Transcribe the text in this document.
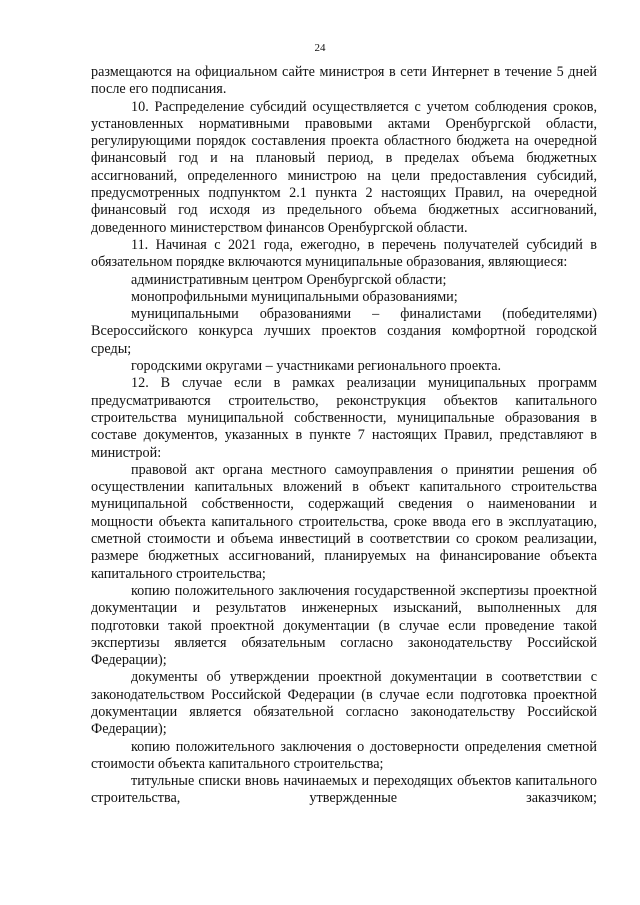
24

размещаются на официальном сайте министроя в сети Интернет в течение 5 дней после его подписания.

10. Распределение субсидий осуществляется с учетом соблюдения сроков, установленных нормативными правовыми актами Оренбургской области, регулирующими порядок составления проекта областного бюджета на очередной финансовый год и на плановый период, в пределах объема бюджетных ассигнований, определенного министрою на цели предоставления субсидий, предусмотренных подпунктом 2.1 пункта 2 настоящих Правил, на очередной финансовый год исходя из предельного объема бюджетных ассигнований, доведенного министерством финансов Оренбургской области.

11. Начиная с 2021 года, ежегодно, в перечень получателей субсидий в обязательном порядке включаются муниципальные образования, являющиеся:

административным центром Оренбургской области;

монопрофильными муниципальными образованиями;

муниципальными образованиями – финалистами (победителями) Всероссийского конкурса лучших проектов создания комфортной городской среды;

городскими округами – участниками регионального проекта.

12. В случае если в рамках реализации муниципальных программ предусматриваются строительство, реконструкция объектов капитального строительства муниципальной собственности, муниципальные образования в составе документов, указанных в пункте 7 настоящих Правил, представляют в министрой:

правовой акт органа местного самоуправления о принятии решения об осуществлении капитальных вложений в объект капитального строительства муниципальной собственности, содержащий сведения о наименовании и мощности объекта капитального строительства, сроке ввода его в эксплуатацию, сметной стоимости и объема инвестиций в соответствии со сроком реализации, размере бюджетных ассигнований, планируемых на финансирование объекта капитального строительства;

копию положительного заключения государственной экспертизы проектной документации и результатов инженерных изысканий, выполненных для подготовки такой проектной документации (в случае если проведение такой экспертизы является обязательным согласно законодательству Российской Федерации);

документы об утверждении проектной документации в соответствии с законодательством Российской Федерации (в случае если подготовка проектной документации является обязательной согласно законодательству Российской Федерации);

копию положительного заключения о достоверности определения сметной стоимости объекта капитального строительства;

титульные списки вновь начинаемых и переходящих объектов капитального строительства, утвержденные заказчиком;
